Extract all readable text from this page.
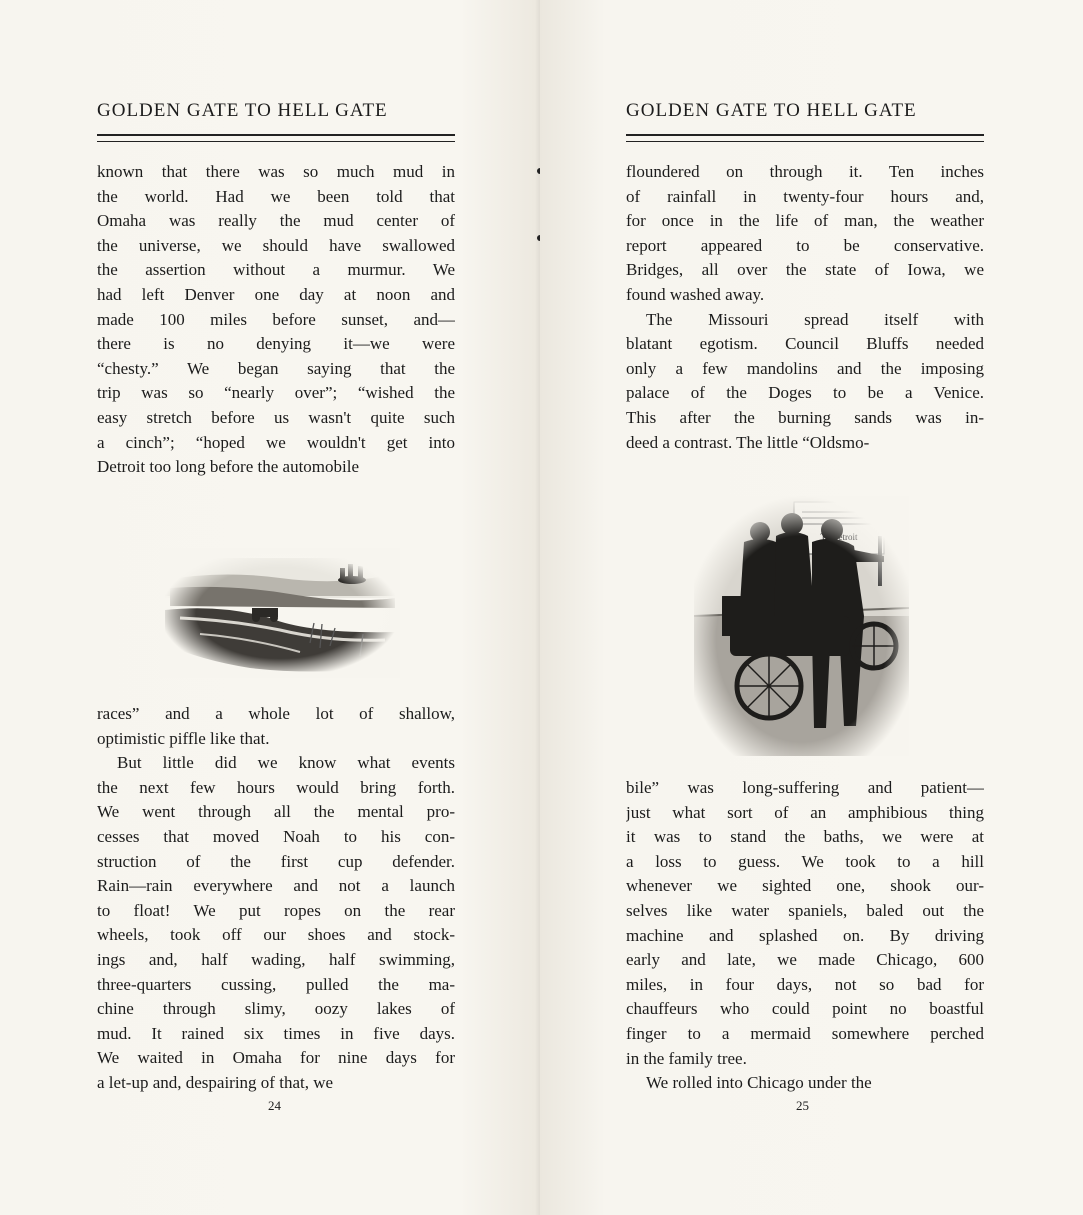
GOLDEN GATE TO HELL GATE
known that there was so much mud in
the world. Had we been told that
Omaha was really the mud center of
the universe, we should have swallowed
the assertion without a murmur. We
had left Denver one day at noon and
made 100 miles before sunset, and—
there is no denying it—we were
“chesty.” We began saying that the
trip was so “nearly over”; “wished the
easy stretch before us wasn't quite such
a cinch”; “hoped we wouldn't get into
Detroit too long before the automobile
races” and a whole lot of shallow,
optimistic piffle like that.
But little did we know what events
the next few hours would bring forth.
We went through all the mental pro-
cesses that moved Noah to his con-
struction of the first cup defender.
Rain—rain everywhere and not a launch
to float! We put ropes on the rear
wheels, took off our shoes and stock-
ings and, half wading, half swimming,
three-quarters cussing, pulled the ma-
chine through slimy, oozy lakes of
mud. It rained six times in five days.
We waited in Omaha for nine days for
a let-up and, despairing of that, we
24
GOLDEN GATE TO HELL GATE
floundered on through it. Ten inches
of rainfall in twenty-four hours and,
for once in the life of man, the weather
report appeared to be conservative.
Bridges, all over the state of Iowa, we
found washed away.
The Missouri spread itself with
blatant egotism. Council Bluffs needed
only a few mandolins and the imposing
palace of the Doges to be a Venice.
This after the burning sands was in-
deed a contrast. The little “Oldsmo-
bile” was long-suffering and patient—
just what sort of an amphibious thing
it was to stand the baths, we were at
a loss to guess. We took to a hill
whenever we sighted one, shook our-
selves like water spaniels, baled out the
machine and splashed on. By driving
early and late, we made Chicago, 600
miles, in four days, not so bad for
chauffeurs who could point no boastful
finger to a mermaid somewhere perched
in the family tree.
We rolled into Chicago under the
25
